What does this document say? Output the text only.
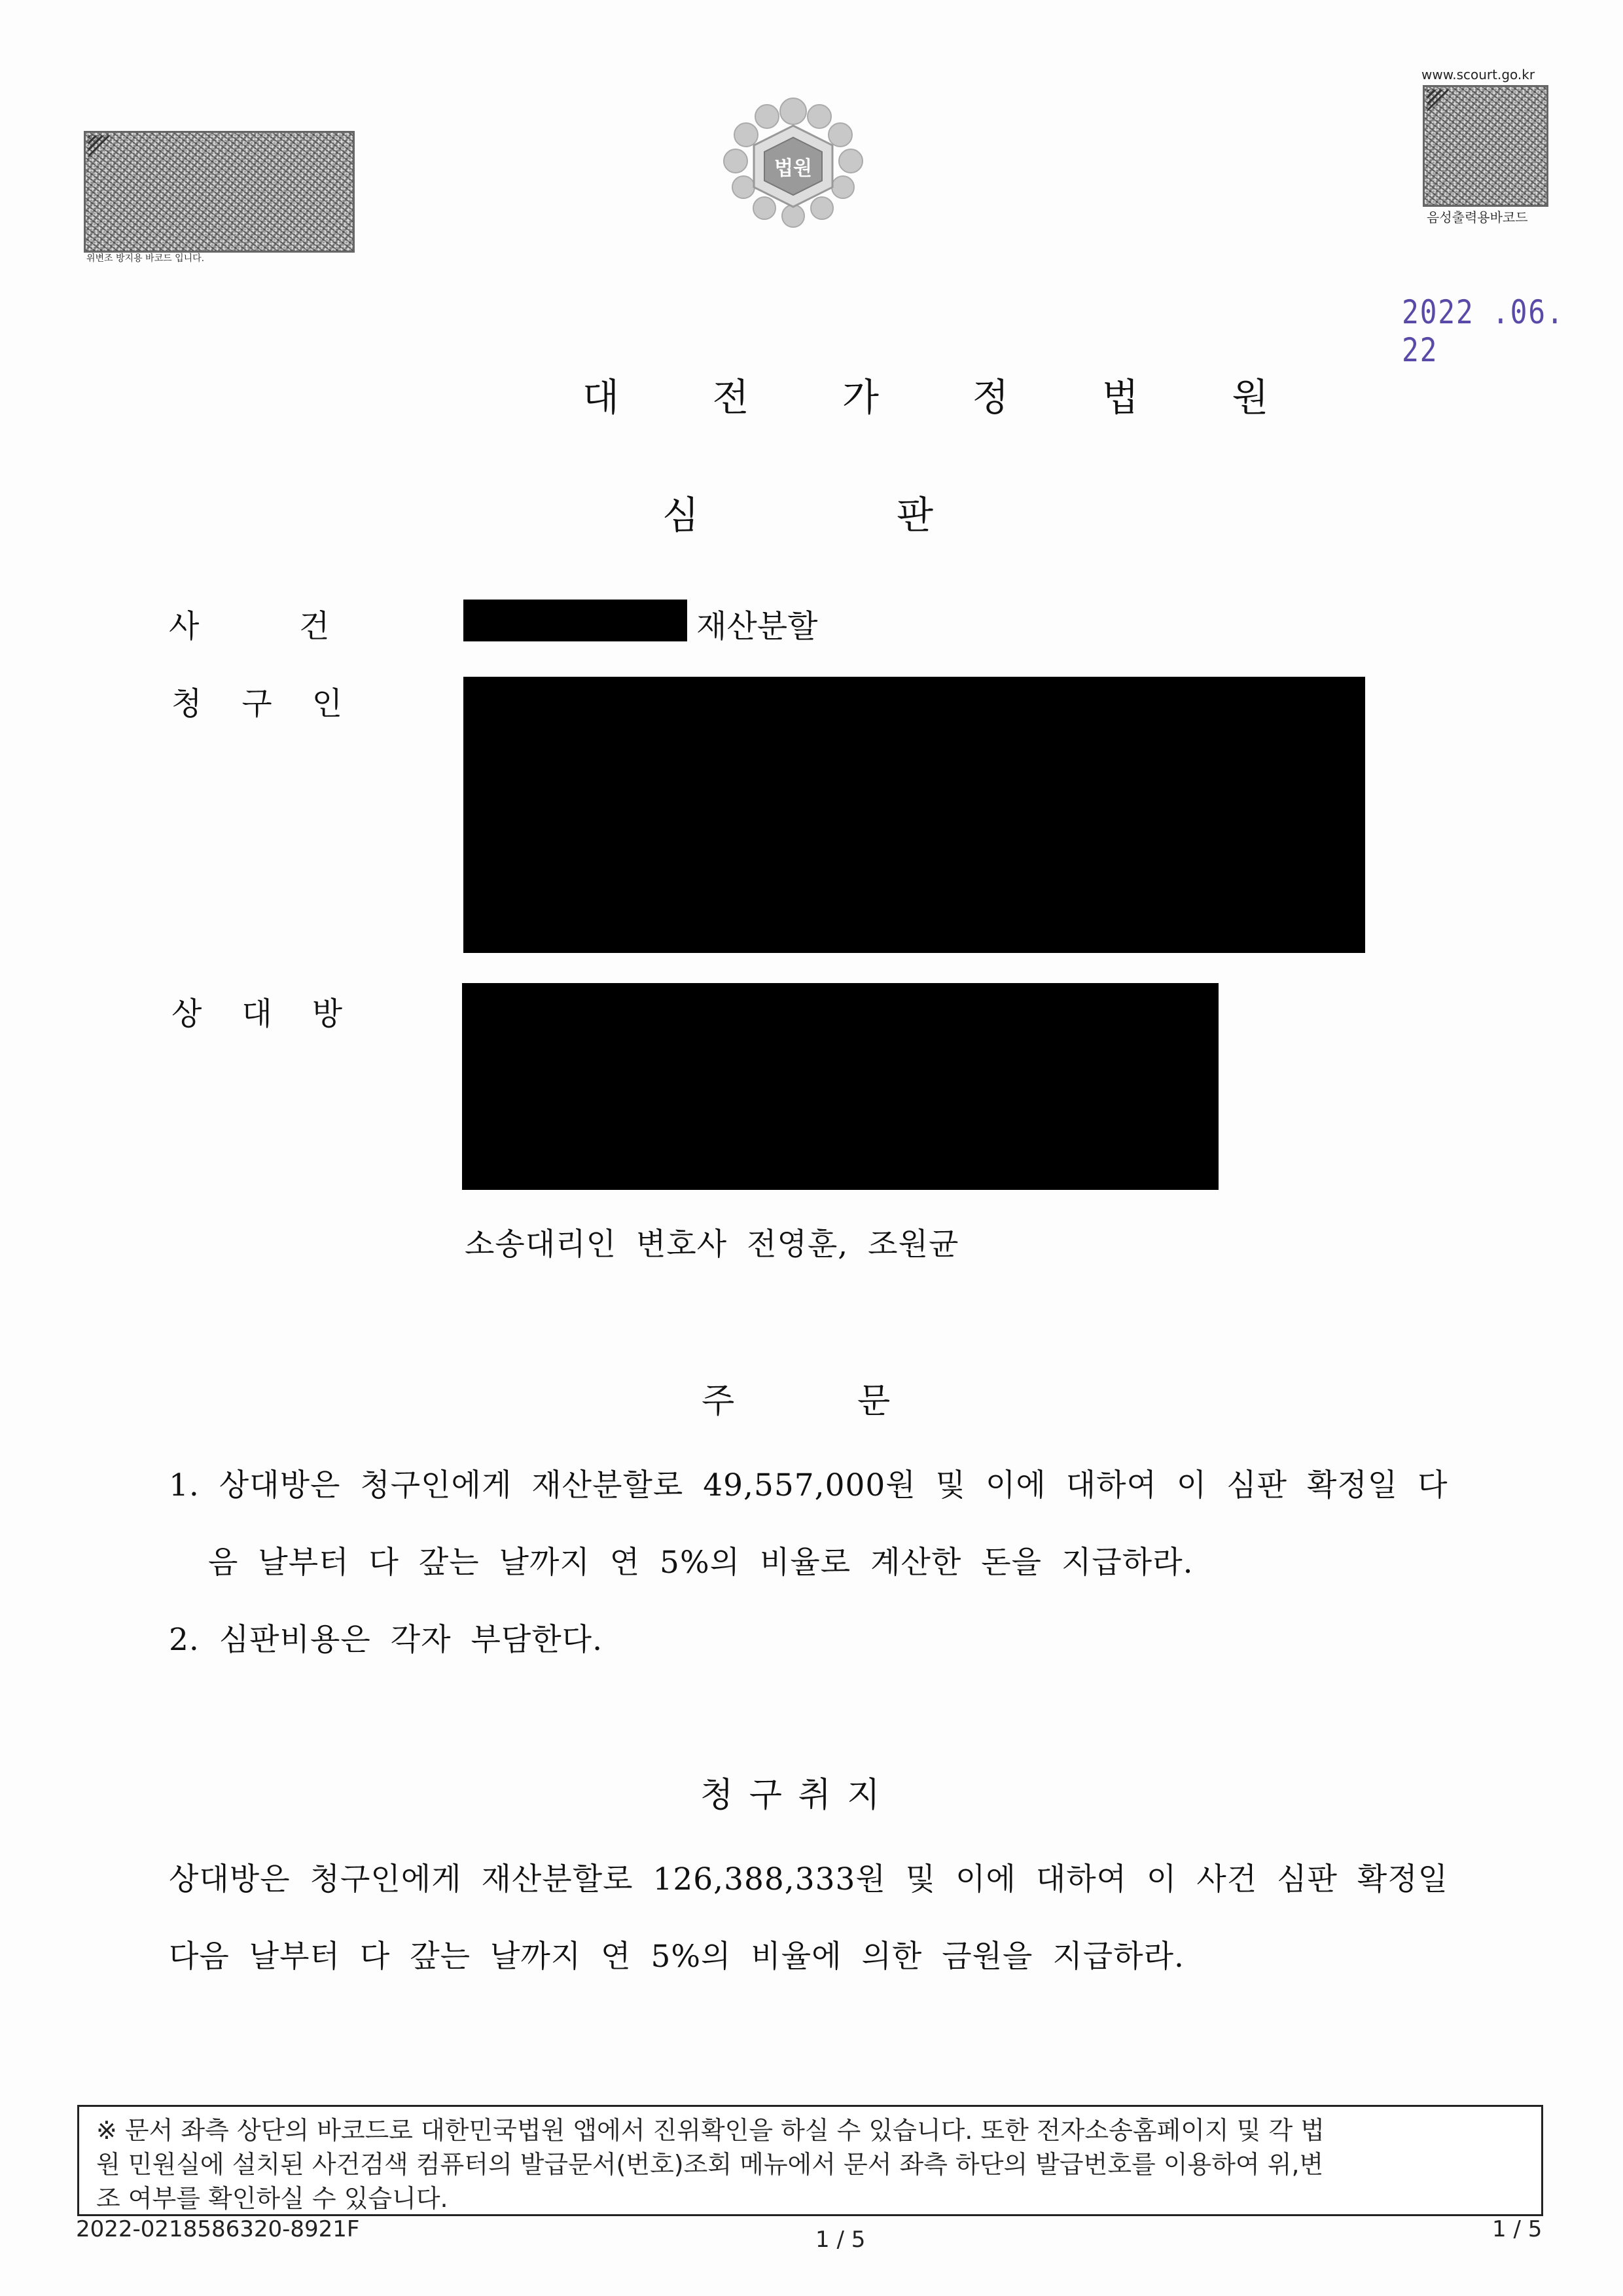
위변조 방지용 바코드 입니다.
법원
www.scourt.go.kr
음성출력용바코드
2022 .06. 22
대 전 가 정 법 원
심	판
사          건	재산분할
청    구    인
상    대    방
소송대리인 변호사 전영훈, 조원균
주	문
1. 상대방은 청구인에게 재산분할로 49,557,000원 및 이에 대하여 이 심판 확정일 다
음 날부터 다 갚는 날까지 연 5%의 비율로 계산한 돈을 지급하라.
2. 심판비용은 각자 부담한다.
청 구 취 지
상대방은 청구인에게 재산분할로 126,388,333원 및 이에 대하여 이 사건 심판 확정일
다음 날부터 다 갚는 날까지 연 5%의 비율에 의한 금원을 지급하라.
※ 문서 좌측 상단의 바코드로 대한민국법원 앱에서 진위확인을 하실 수 있습니다. 또한 전자소송홈페이지 및 각 법
원 민원실에 설치된 사건검색 컴퓨터의 발급문서(번호)조회 메뉴에서 문서 좌측 하단의 발급번호를 이용하여 위,변
조 여부를 확인하실 수 있습니다.
2022-0218586320-8921F	1 / 5	1 / 5
